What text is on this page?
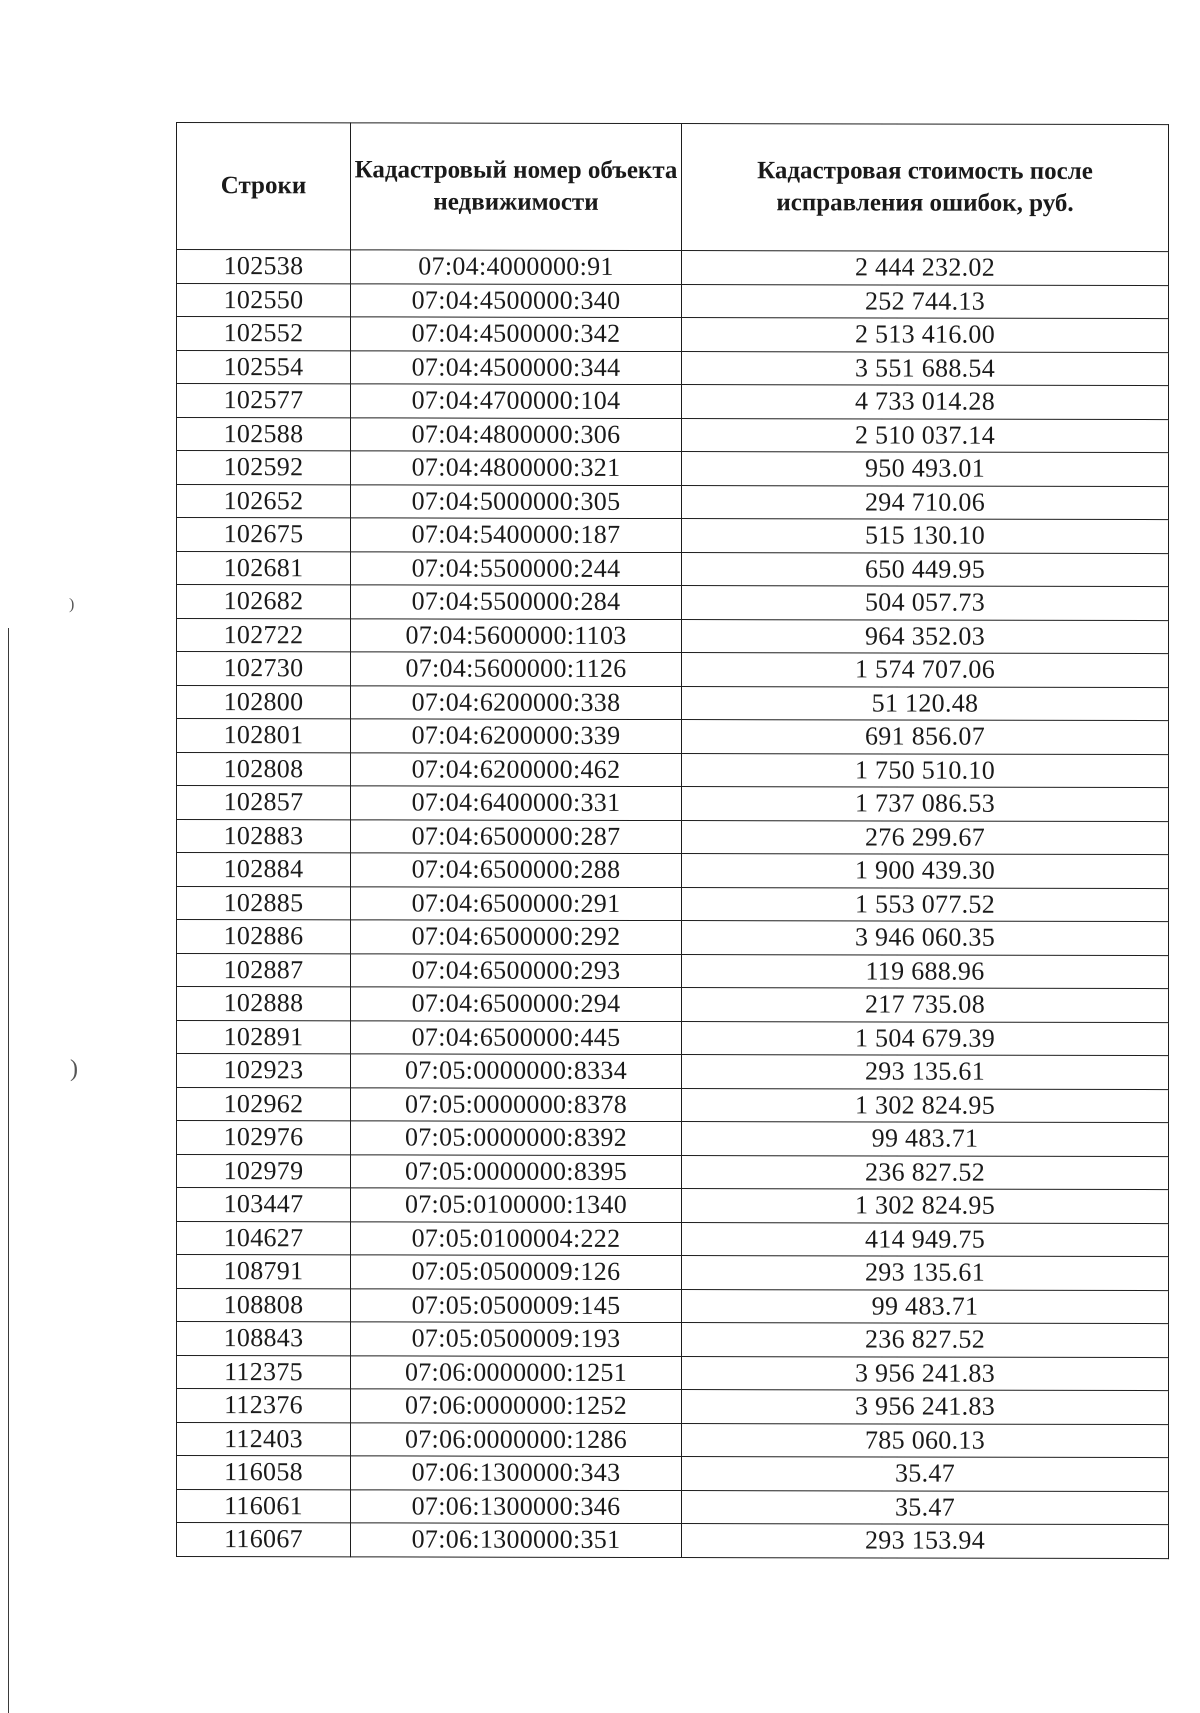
)
)
Строки	Кадастровый номер объекта недвижимости	Кадастровая стоимость после исправления ошибок, руб.
102538	07:04:4000000:91	2 444 232.02
102550	07:04:4500000:340	252 744.13
102552	07:04:4500000:342	2 513 416.00
102554	07:04:4500000:344	3 551 688.54
102577	07:04:4700000:104	4 733 014.28
102588	07:04:4800000:306	2 510 037.14
102592	07:04:4800000:321	950 493.01
102652	07:04:5000000:305	294 710.06
102675	07:04:5400000:187	515 130.10
102681	07:04:5500000:244	650 449.95
102682	07:04:5500000:284	504 057.73
102722	07:04:5600000:1103	964 352.03
102730	07:04:5600000:1126	1 574 707.06
102800	07:04:6200000:338	51 120.48
102801	07:04:6200000:339	691 856.07
102808	07:04:6200000:462	1 750 510.10
102857	07:04:6400000:331	1 737 086.53
102883	07:04:6500000:287	276 299.67
102884	07:04:6500000:288	1 900 439.30
102885	07:04:6500000:291	1 553 077.52
102886	07:04:6500000:292	3 946 060.35
102887	07:04:6500000:293	119 688.96
102888	07:04:6500000:294	217 735.08
102891	07:04:6500000:445	1 504 679.39
102923	07:05:0000000:8334	293 135.61
102962	07:05:0000000:8378	1 302 824.95
102976	07:05:0000000:8392	99 483.71
102979	07:05:0000000:8395	236 827.52
103447	07:05:0100000:1340	1 302 824.95
104627	07:05:0100004:222	414 949.75
108791	07:05:0500009:126	293 135.61
108808	07:05:0500009:145	99 483.71
108843	07:05:0500009:193	236 827.52
112375	07:06:0000000:1251	3 956 241.83
112376	07:06:0000000:1252	3 956 241.83
112403	07:06:0000000:1286	785 060.13
116058	07:06:1300000:343	35.47
116061	07:06:1300000:346	35.47
116067	07:06:1300000:351	293 153.94
